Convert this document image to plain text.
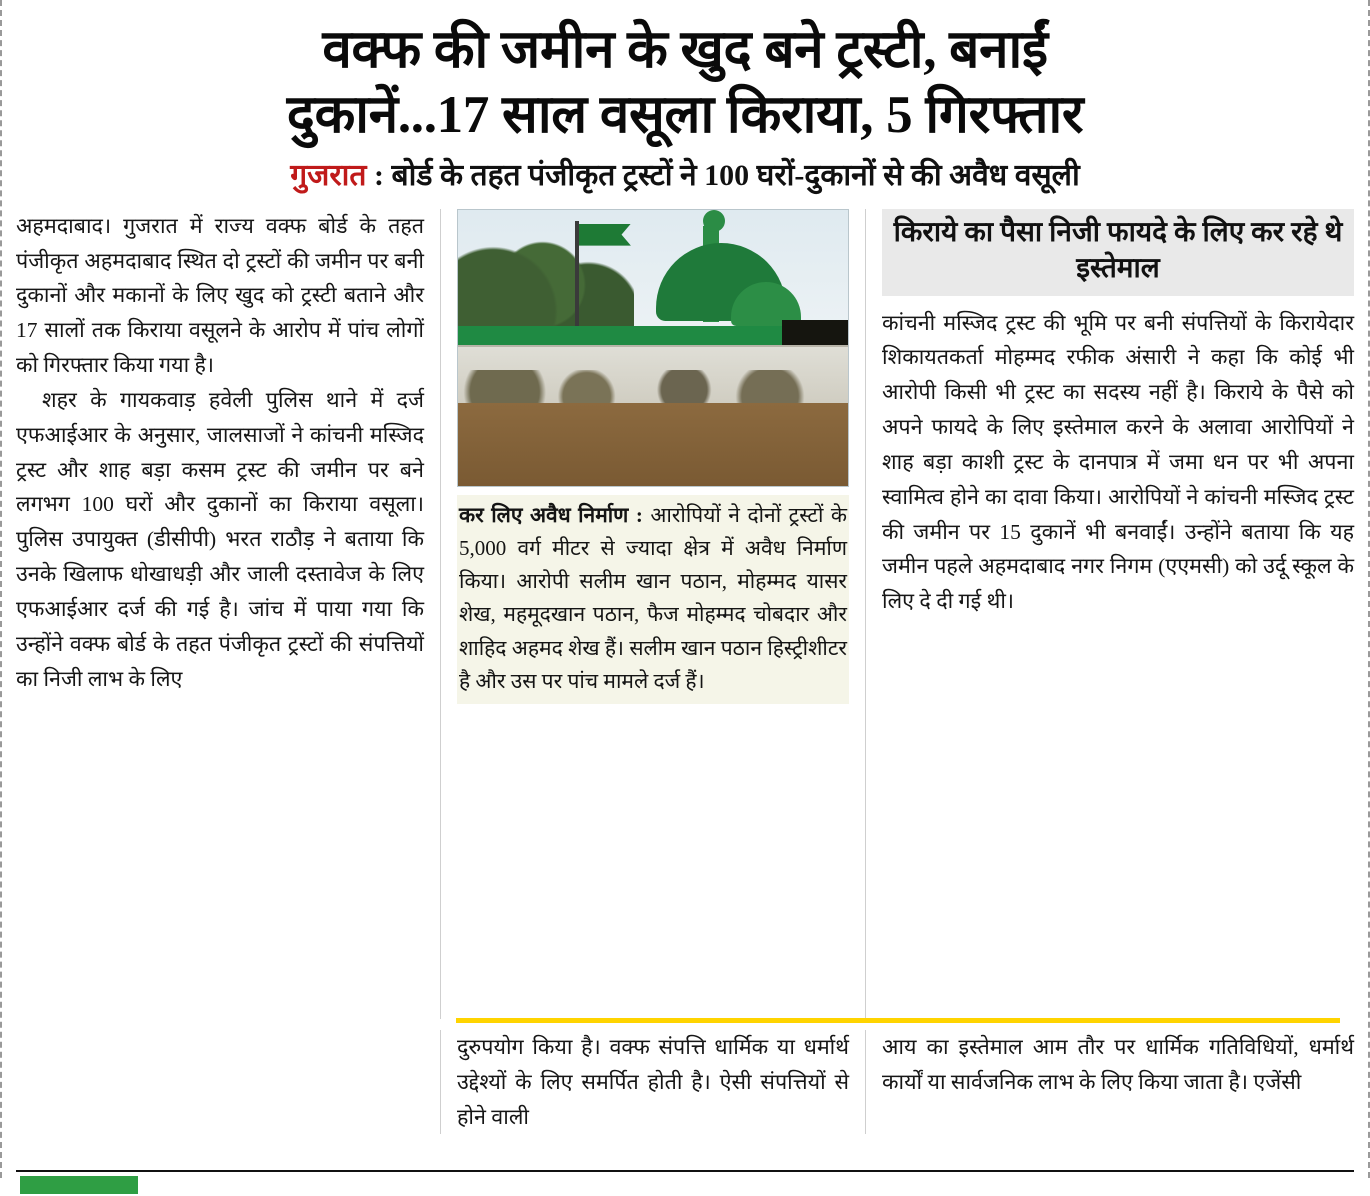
वक्फ की जमीन के खुद बने ट्रस्टी, बनाईं
दुकानें...17 साल वसूला किराया, 5 गिरफ्तार
गुजरात : बोर्ड के तहत पंजीकृत ट्रस्टों ने 100 घरों-दुकानों से की अवैध वसूली

अहमदाबाद। गुजरात में राज्य वक्फ बोर्ड के तहत पंजीकृत अहमदाबाद स्थित दो ट्रस्टों की जमीन पर बनी दुकानों और मकानों के लिए खुद को ट्रस्टी बताने और 17 सालों तक किराया वसूलने के आरोप में पांच लोगों को गिरफ्तार किया गया है।

शहर के गायकवाड़ हवेली पुलिस थाने में दर्ज एफआईआर के अनुसार, जालसाजों ने कांचनी मस्जिद ट्रस्ट और शाह बड़ा कसम ट्रस्ट की जमीन पर बने लगभग 100 घरों और दुकानों का किराया वसूला। पुलिस उपायुक्त (डीसीपी) भरत राठौड़ ने बताया कि उनके खिलाफ धोखाधड़ी और जाली दस्तावेज के लिए एफआईआर दर्ज की गई है। जांच में पाया गया कि उन्होंने वक्फ बोर्ड के तहत पंजीकृत ट्रस्टों की संपत्तियों का निजी लाभ के लिए

कर लिए अवैध निर्माण : आरोपियों ने दोनों ट्रस्टों के 5,000 वर्ग मीटर से ज्यादा क्षेत्र में अवैध निर्माण किया। आरोपी सलीम खान पठान, मोहम्मद यासर शेख, महमूदखान पठान, फैज मोहम्मद चोबदार और शाहिद अहमद शेख हैं। सलीम खान पठान हिस्ट्रीशीटर है और उस पर पांच मामले दर्ज हैं।
किराये का पैसा निजी फायदे के लिए कर रहे थे इस्तेमाल
कांचनी मस्जिद ट्रस्ट की भूमि पर बनी संपत्तियों के किरायेदार शिकायतकर्ता मोहम्मद रफीक अंसारी ने कहा कि कोई भी आरोपी किसी भी ट्रस्ट का सदस्य नहीं है। किराये के पैसे को अपने फायदे के लिए इस्तेमाल करने के अलावा आरोपियों ने शाह बड़ा काशी ट्रस्ट के दानपात्र में जमा धन पर भी अपना स्वामित्व होने का दावा किया। आरोपियों ने कांचनी मस्जिद ट्रस्ट की जमीन पर 15 दुकानें भी बनवाईं। उन्होंने बताया कि यह जमीन पहले अहमदाबाद नगर निगम (एएमसी) को उर्दू स्कूल के लिए दे दी गई थी।
दुरुपयोग किया है। वक्फ संपत्ति धार्मिक या धर्मार्थ उद्देश्यों के लिए समर्पित होती है। ऐसी संपत्तियों से होने वाली
आय का इस्तेमाल आम तौर पर धार्मिक गतिविधियों, धर्मार्थ कार्यों या सार्वजनिक लाभ के लिए किया जाता है। एजेंसी
